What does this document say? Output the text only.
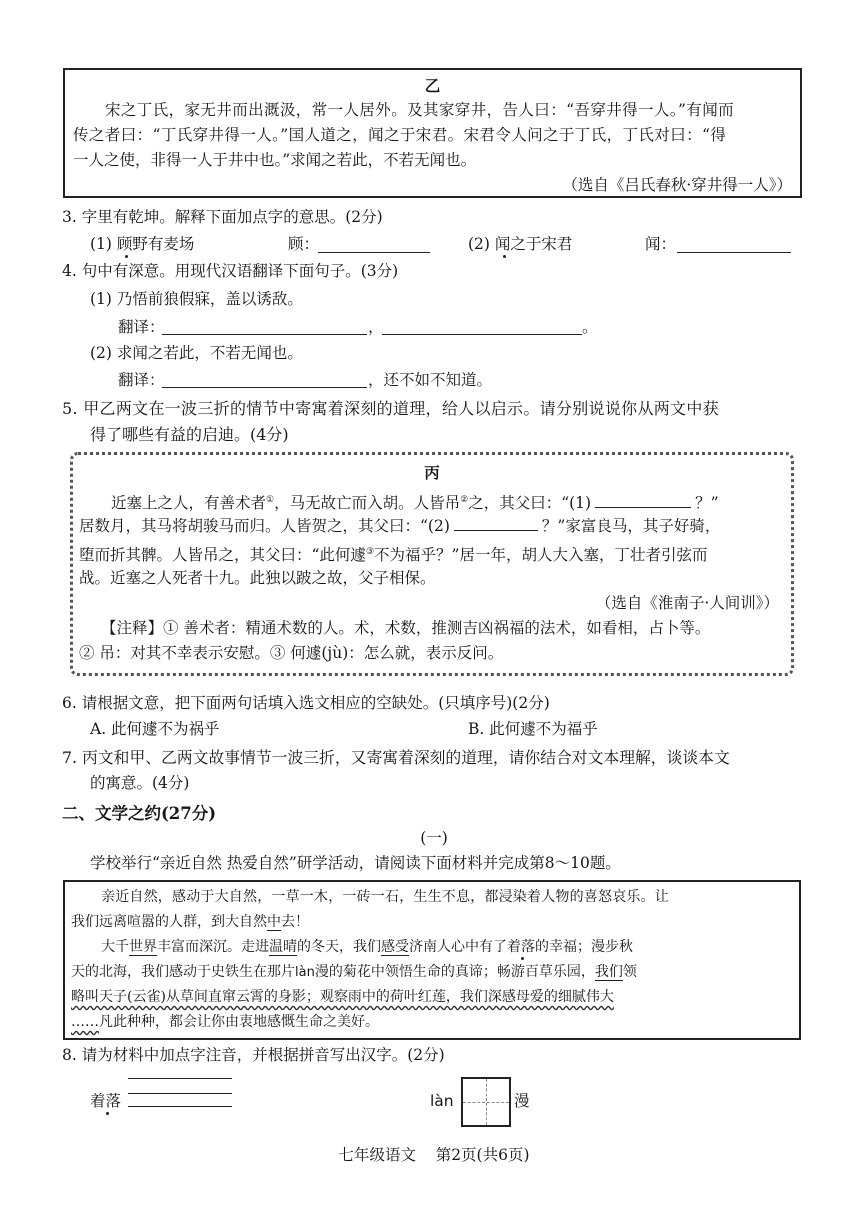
乙
宋之丁氏，家无井而出溉汲，常一人居外。及其家穿井，告人曰：“吾穿井得一人。”有闻而
传之者曰：“丁氏穿井得一人。”国人道之，闻之于宋君。宋君令人问之于丁氏，丁氏对曰：“得
一人之使，非得一人于井中也。”求闻之若此，不若无闻也。
（选自《吕氏春秋·穿井得一人》）
3. 字里有乾坤。解释下面加点字的意思。(2分)
(1) 顾野有麦场	顾：	(2) 闻之于宋君	闻：
4. 句中有深意。用现代汉语翻译下面句子。(3分)
(1) 乃悟前狼假寐，盖以诱敌。
翻译：	，	。
(2) 求闻之若此，不若无闻也。
翻译：	，还不如不知道。
5. 甲乙两文在一波三折的情节中寄寓着深刻的道理，给人以启示。请分别说说你从两文中获
得了哪些有益的启迪。(4分)
丙
近塞上之人，有善术者①，马无故亡而入胡。人皆吊②之，其父曰：“(1)	？”
居数月，其马将胡骏马而归。人皆贺之，其父曰：“(2)	？”家富良马，其子好骑，
堕而折其髀。人皆吊之，其父曰：“此何遽③不为福乎？”居一年，胡人大入塞，丁壮者引弦而
战。近塞之人死者十九。此独以跛之故，父子相保。
（选自《淮南子·人间训》）
【注释】① 善术者：精通术数的人。术，术数，推测吉凶祸福的法术，如看相，占卜等。
② 吊：对其不幸表示安慰。③ 何遽(jù)：怎么就，表示反问。
6. 请根据文意，把下面两句话填入选文相应的空缺处。(只填序号)(2分)
A. 此何遽不为祸乎	B. 此何遽不为福乎
7. 丙文和甲、乙两文故事情节一波三折，又寄寓着深刻的道理，请你结合对文本理解，谈谈本文
的寓意。(4分)
二、文学之约(27分)
(一)
学校举行“亲近自然 热爱自然”研学活动，请阅读下面材料并完成第8～10题。
亲近自然，感动于大自然，一草一木，一砖一石，生生不息，都浸染着人物的喜怒哀乐。让
我们远离喧嚣的人群，到大自然中去！
大千世界丰富而深沉。走进温晴的冬天，我们感受济南人心中有了着落的幸福；漫步秋
天的北海，我们感动于史铁生在那片làn漫的菊花中领悟生命的真谛；畅游百草乐园，我们领
略叫天子(云雀)从草间直窜云霄的身影；观察雨中的荷叶红莲，我们深感母爱的细腻伟大
……凡此种种，都会让你由衷地感慨生命之美好。
8. 请为材料中加点字注音，并根据拼音写出汉字。(2分)
着落	làn	漫
七年级语文    第2页(共6页)
